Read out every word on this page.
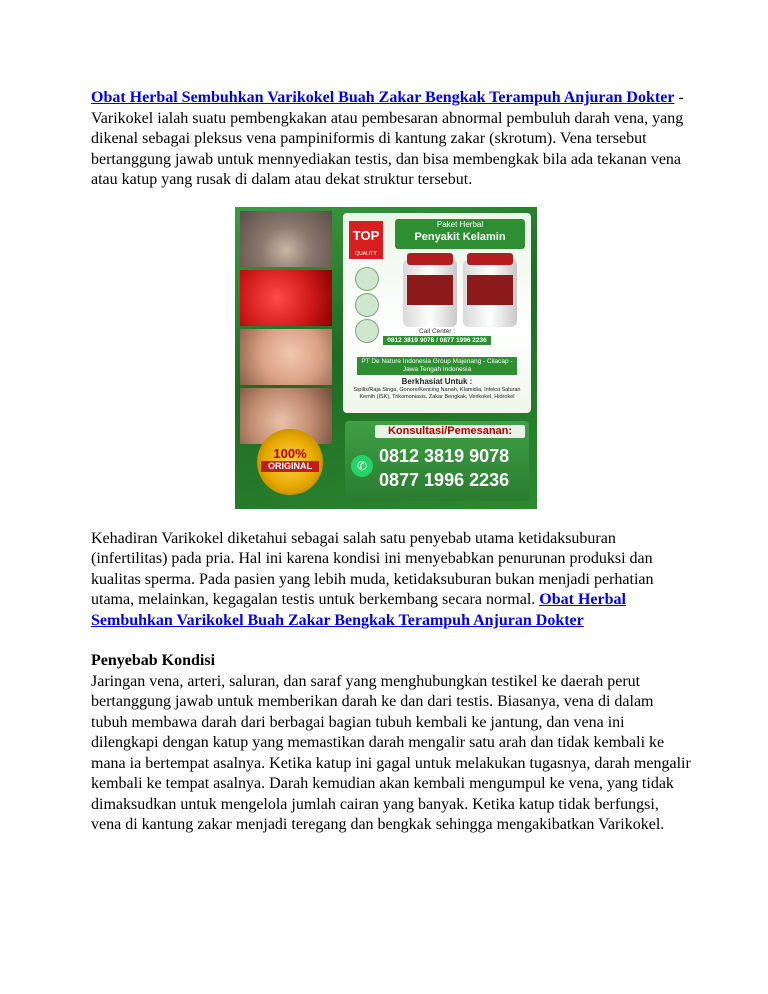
Obat Herbal Sembuhkan Varikokel Buah Zakar Bengkak Terampuh Anjuran Dokter - Varikokel ialah suatu pembengkakan atau pembesaran abnormal pembuluh darah vena, yang dikenal sebagai pleksus vena pampiniformis di kantung zakar (skrotum). Vena tersebut bertanggung jawab untuk mennyediakan testis, dan bisa membengkak bila ada tekanan vena atau katup yang rusak di dalam atau dekat struktur tersebut.

TOP
QUALITY
Paket Herbal
Penyakit Kelamin
Call Center :
0812 3819 9078 / 0877 1996 2236
PT De Nature Indonesia Group Majenang - Cilacap - Jawa Tengah Indonesia
Berkhasiat Untuk :
Sipilis/Raja Singa, Gonore/Kencing Nanah, Klamidia, Infeksi Saluran Kemih (ISK), Trikomoniasis, Zakar Bengkak, Verikokel, Hidrokel
100%
ORIGINAL
Konsultasi/Pemesanan:
✆ 0812 3819 9078
0877 1996 2236

Kehadiran Varikokel diketahui sebagai salah satu penyebab utama ketidaksuburan (infertilitas) pada pria. Hal ini karena kondisi ini menyebabkan penurunan produksi dan kualitas sperma. Pada pasien yang lebih muda, ketidaksuburan bukan menjadi perhatian utama, melainkan, kegagalan testis untuk berkembang secara normal. Obat Herbal Sembuhkan Varikokel Buah Zakar Bengkak Terampuh Anjuran Dokter

Penyebab Kondisi

Jaringan vena, arteri, saluran, dan saraf yang menghubungkan testikel ke daerah perut bertanggung jawab untuk memberikan darah ke dan dari testis. Biasanya, vena di dalam tubuh membawa darah dari berbagai bagian tubuh kembali ke jantung, dan vena ini dilengkapi dengan katup yang memastikan darah mengalir satu arah dan tidak kembali ke mana ia bertempat asalnya. Ketika katup ini gagal untuk melakukan tugasnya, darah mengalir kembali ke tempat asalnya. Darah kemudian akan kembali mengumpul ke vena, yang tidak dimaksudkan untuk mengelola jumlah cairan yang banyak. Ketika katup tidak berfungsi, vena di kantung zakar menjadi teregang dan bengkak sehingga mengakibatkan Varikokel.
